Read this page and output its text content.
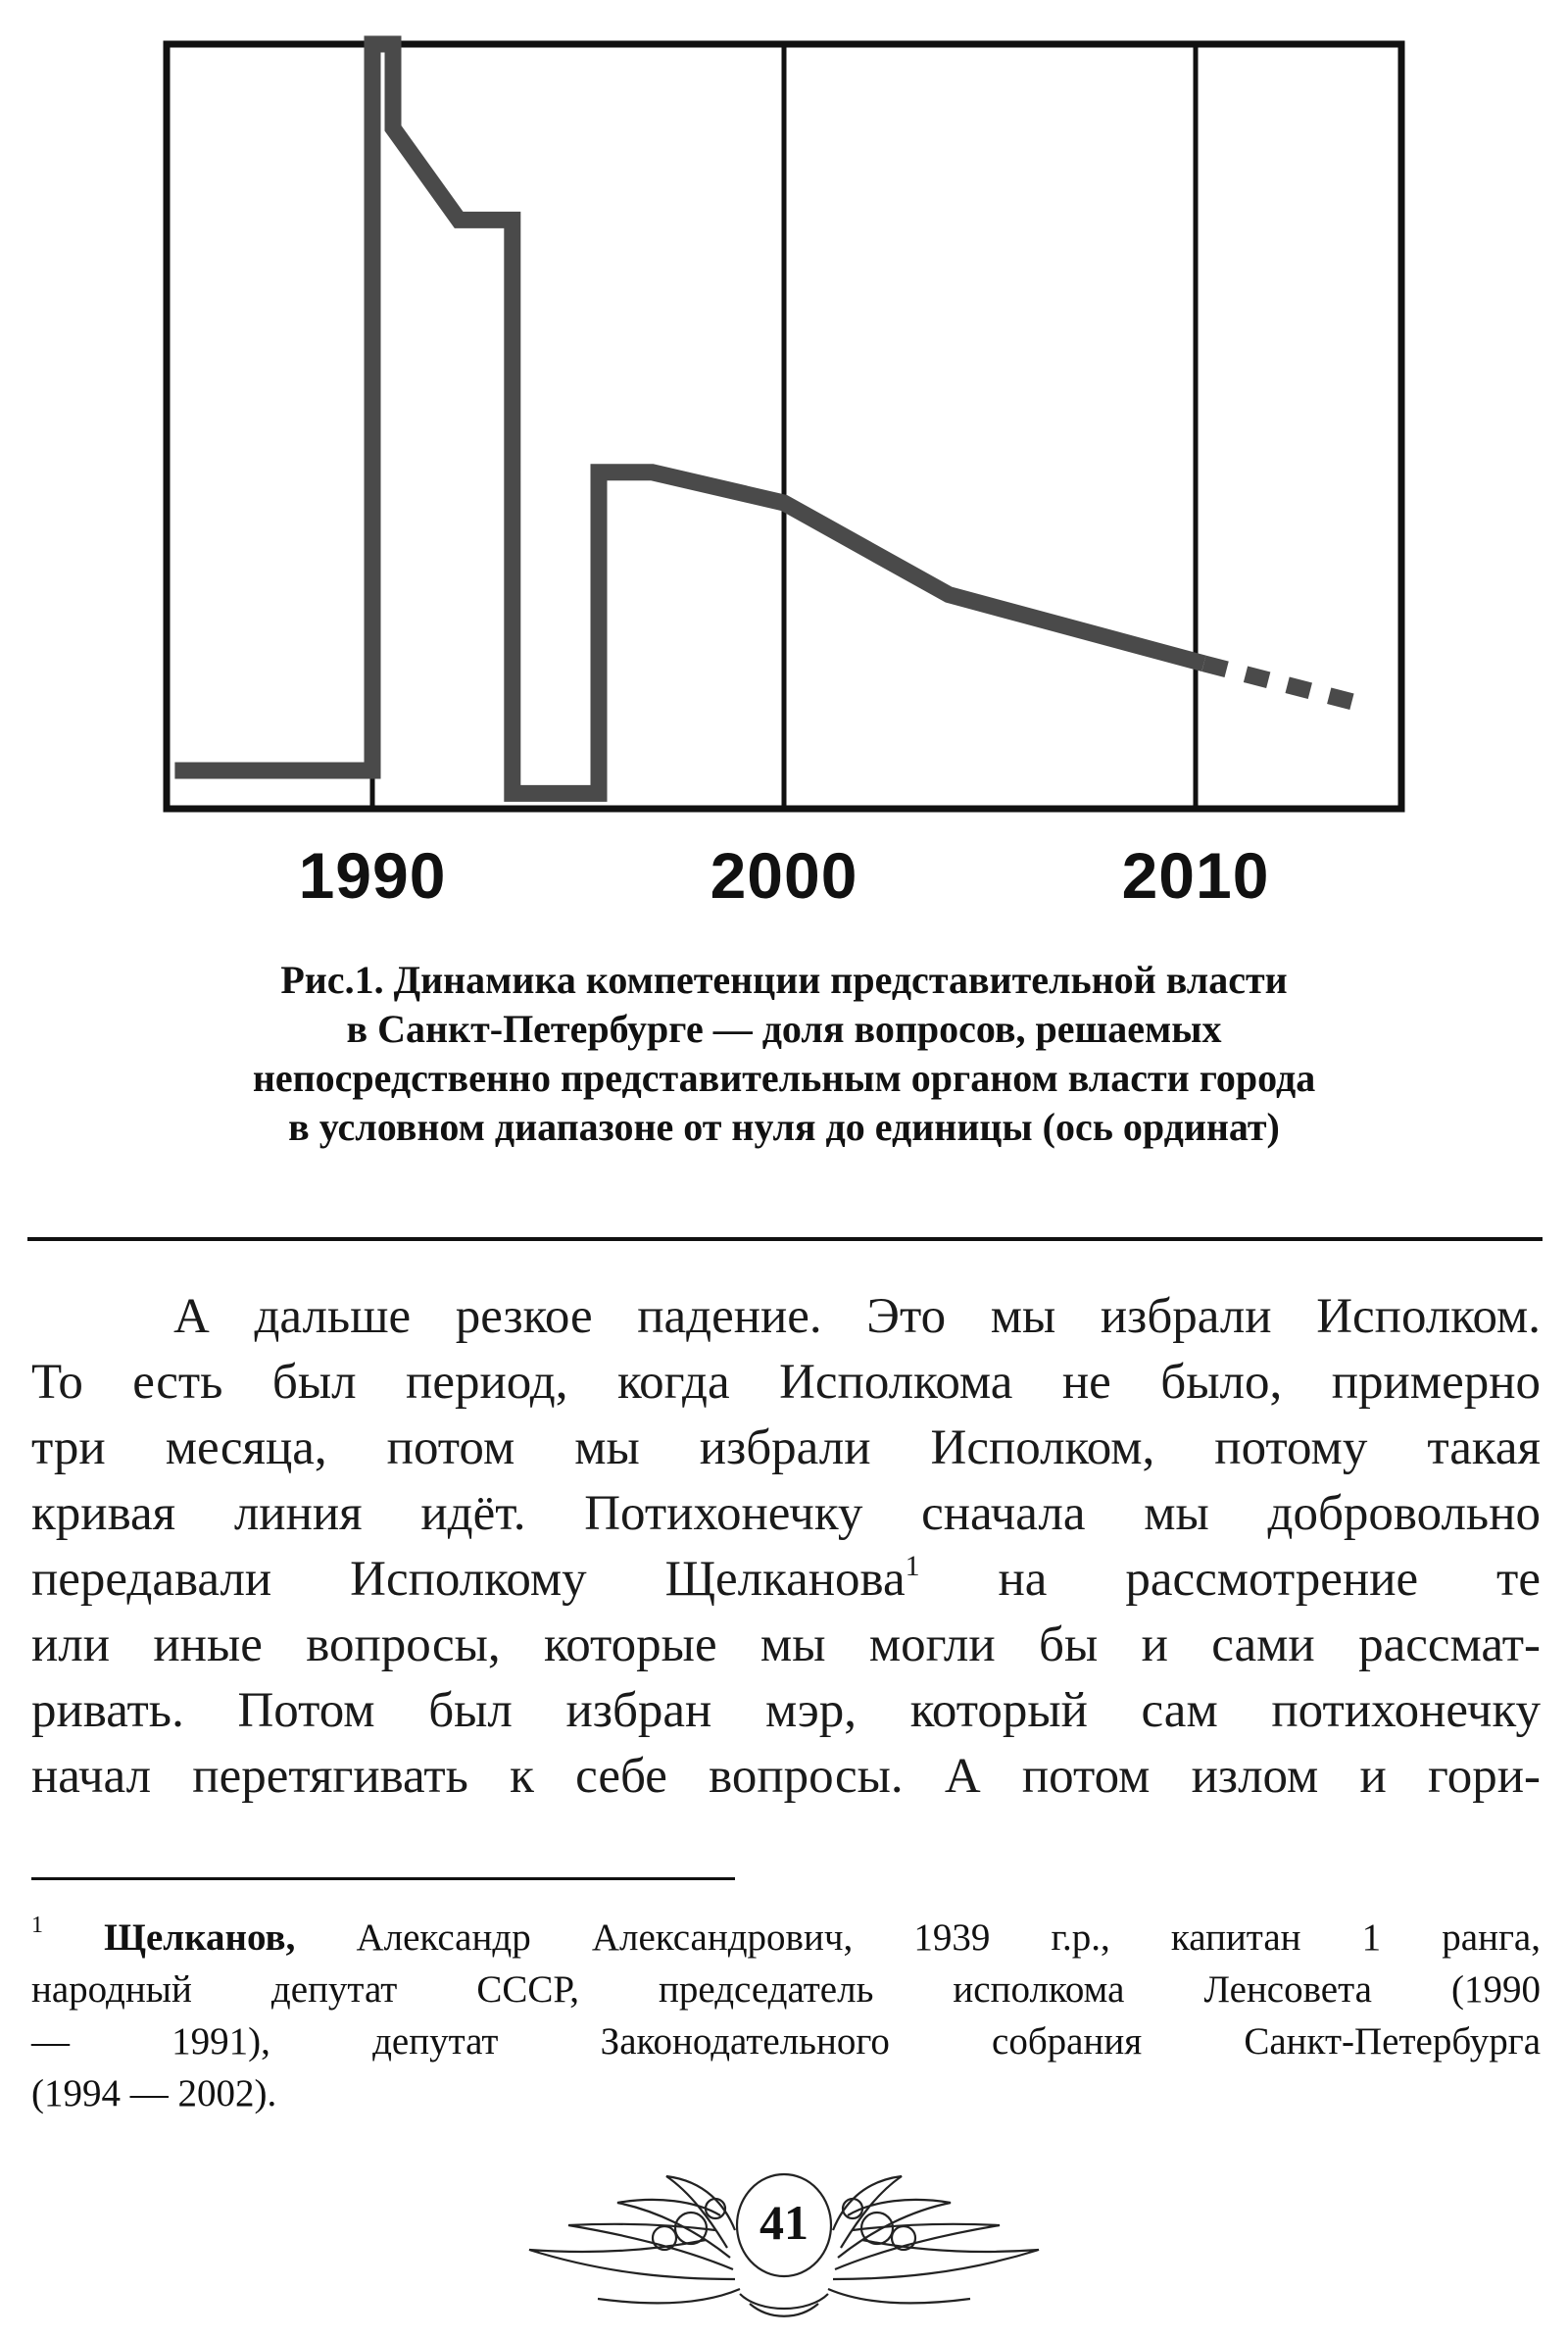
1990	2000	2010
Рис.1. Динамика компетенции представительной власти
в Санкт-Петербурге — доля вопросов, решаемых
непосредственно представительным органом власти города
в условном диапазоне от нуля до единицы (ось ординат)
А дальше резкое падение. Это мы избрали Исполком.
То есть был период, когда Исполкома не было, примерно
три месяца, потом мы избрали Исполком, потому такая
кривая линия идёт. Потихонечку сначала мы добровольно
передавали Исполкому Щелканова$^1$ на рассмотрение те
или иные вопросы, которые мы могли бы и сами рассмат-
ривать. Потом был избран мэр, который сам потихонечку
начал перетягивать к себе вопросы. А потом излом и гори-
$^1$ Щелканов, Александр Александрович, 1939 г.р., капитан 1 ранга,
народный депутат СССР, председатель исполкома Ленсовета (1990
— 1991), депутат Законодательного собрания Санкт-Петербурга
(1994 — 2002).
41
